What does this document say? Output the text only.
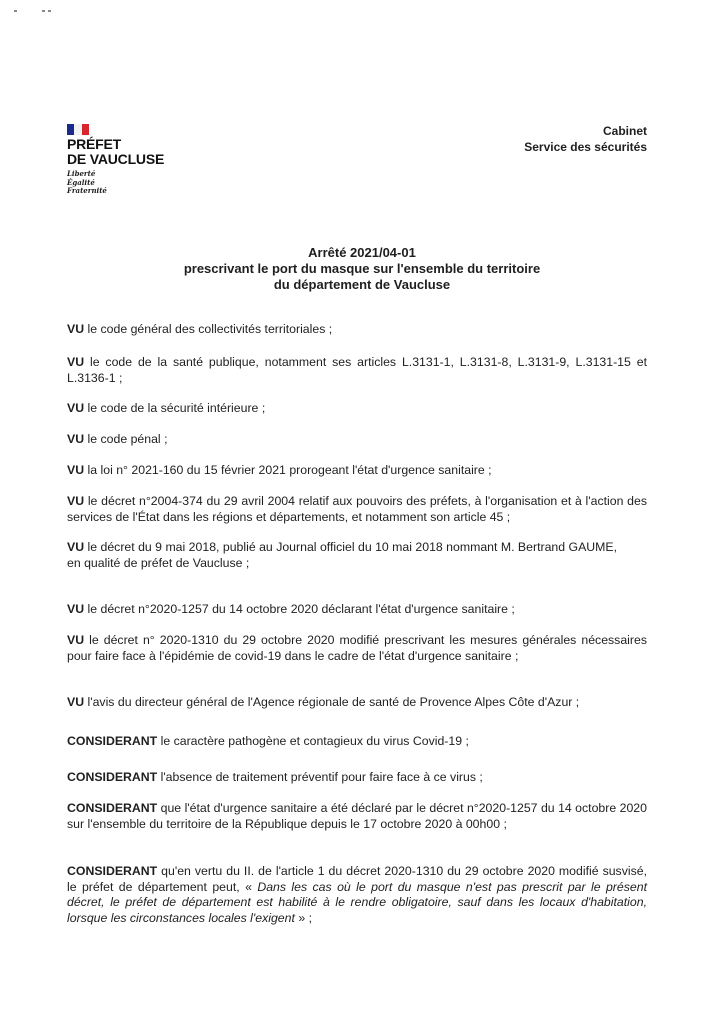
PRÉFET
DE VAUCLUSE
Liberté
Égalité
Fraternité
Cabinet
Service des sécurités
Arrêté 2021/04-01
prescrivant le port du masque sur l'ensemble du territoire
du département de Vaucluse
VU le code général des collectivités territoriales ;
VU le code de la santé publique, notamment ses articles L.3131-1, L.3131-8, L.3131-9, L.3131-15 et L.3136-1 ;
VU le code de la sécurité intérieure ;
VU le code pénal ;
VU la loi n° 2021-160 du 15 février 2021 prorogeant l'état d'urgence sanitaire ;
VU le décret n°2004-374 du 29 avril 2004 relatif aux pouvoirs des préfets, à l'organisation et à l'action des services de l'État dans les régions et départements, et notamment son article 45 ;
VU le décret du 9 mai 2018, publié au Journal officiel du 10 mai 2018 nommant M. Bertrand GAUME,
en qualité de préfet de Vaucluse ;
VU le décret n°2020-1257 du 14 octobre 2020 déclarant l'état d'urgence sanitaire ;
VU le décret n° 2020-1310 du 29 octobre 2020 modifié prescrivant les mesures générales nécessaires pour faire face à l'épidémie de covid-19 dans le cadre de l'état d'urgence sanitaire ;
VU l'avis du directeur général de l'Agence régionale de santé de Provence Alpes Côte d'Azur ;
CONSIDERANT le caractère pathogène et contagieux du virus Covid-19 ;
CONSIDERANT l'absence de traitement préventif pour faire face à ce virus ;
CONSIDERANT que l'état d'urgence sanitaire a été déclaré par le décret n°2020-1257 du 14 octobre 2020 sur l'ensemble du territoire de la République depuis le 17 octobre 2020 à 00h00 ;
CONSIDERANT qu'en vertu du II. de l'article 1 du décret 2020-1310 du 29 octobre 2020 modifié susvisé, le préfet de département peut, « Dans les cas où le port du masque n'est pas prescrit par le présent décret, le préfet de département est habilité à le rendre obligatoire, sauf dans les locaux d'habitation, lorsque les circonstances locales l'exigent » ;
